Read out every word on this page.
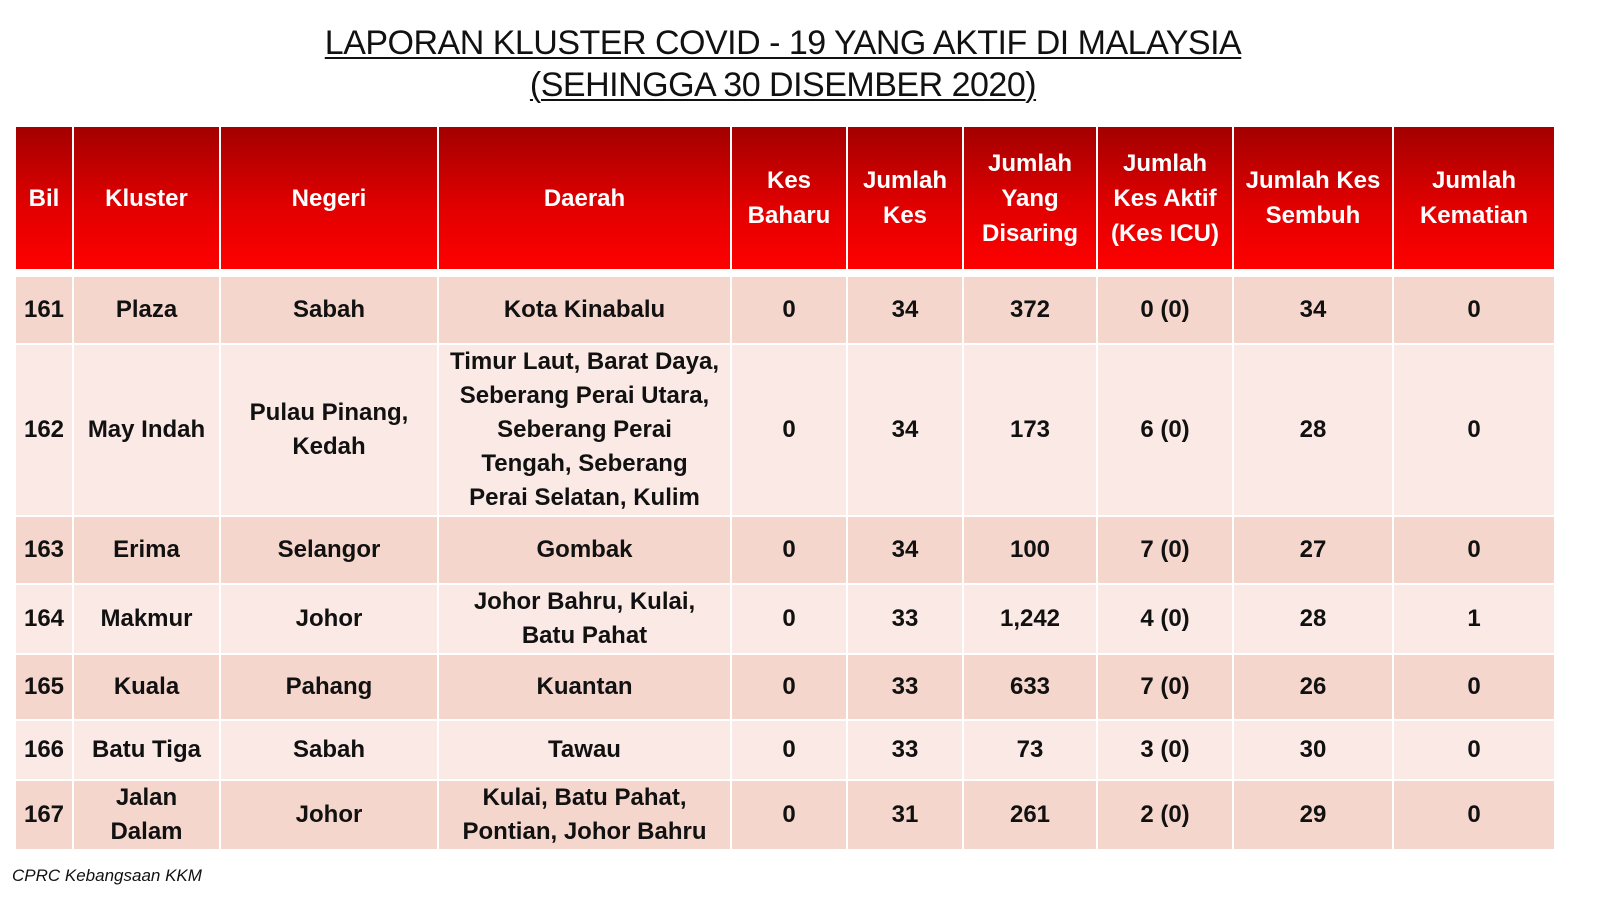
LAPORAN KLUSTER COVID - 19 YANG AKTIF DI MALAYSIA
(SEHINGGA 30 DISEMBER 2020)
Bil	Kluster	Negeri	Daerah	Kes Baharu	Jumlah Kes	Jumlah Yang Disaring	Jumlah Kes Aktif (Kes ICU)	Jumlah Kes Sembuh	Jumlah Kematian

161	Plaza	Sabah	Kota Kinabalu	0	34	372	0 (0)	34	0
162	May Indah	Pulau Pinang, Kedah	Timur Laut, Barat Daya, Seberang Perai Utara, Seberang Perai Tengah, Seberang Perai Selatan, Kulim	0	34	173	6 (0)	28	0
163	Erima	Selangor	Gombak	0	34	100	7 (0)	27	0
164	Makmur	Johor	Johor Bahru, Kulai, Batu Pahat	0	33	1,242	4 (0)	28	1
165	Kuala	Pahang	Kuantan	0	33	633	7 (0)	26	0
166	Batu Tiga	Sabah	Tawau	0	33	73	3 (0)	30	0
167	Jalan Dalam	Johor	Kulai, Batu Pahat, Pontian, Johor Bahru	0	31	261	2 (0)	29	0
CPRC Kebangsaan KKM
